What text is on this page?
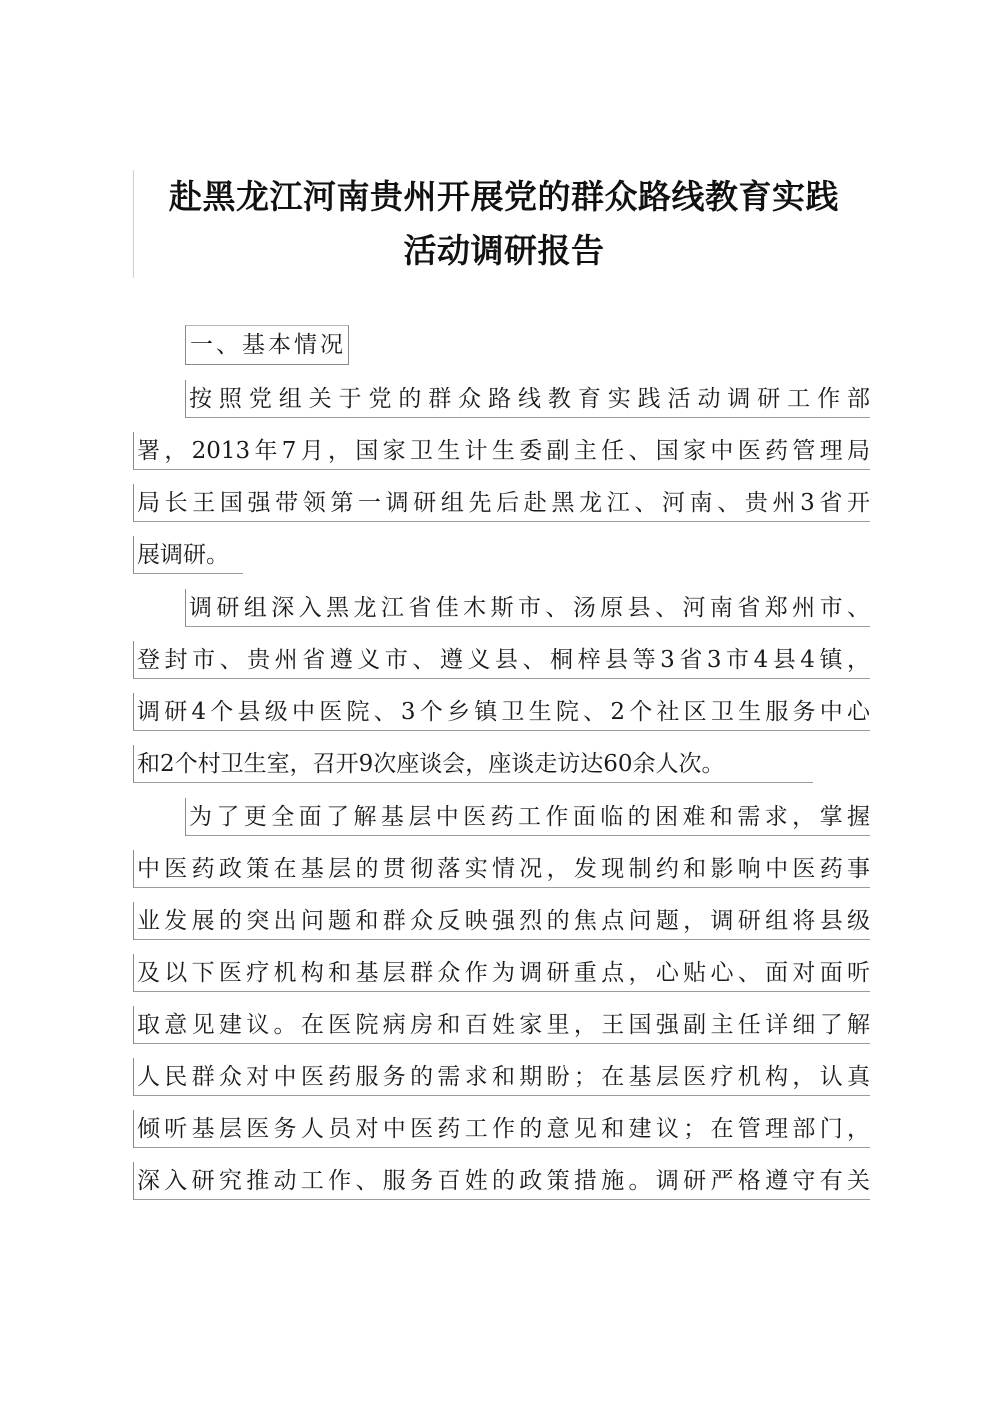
赴黑龙江河南贵州开展党的群众路线教育实践
活动调研报告
一、基本情况
按照党组关于党的群众路线教育实践活动调研工作部
署，2013年7月，国家卫生计生委副主任、国家中医药管理局
局长王国强带领第一调研组先后赴黑龙江、河南、贵州3省开
展调研。
调研组深入黑龙江省佳木斯市、汤原县、河南省郑州市、
登封市、贵州省遵义市、遵义县、桐梓县等3省3市4县4镇，
调研4个县级中医院、3个乡镇卫生院、2个社区卫生服务中心
和2个村卫生室，召开9次座谈会，座谈走访达60余人次。
为了更全面了解基层中医药工作面临的困难和需求，掌握
中医药政策在基层的贯彻落实情况，发现制约和影响中医药事
业发展的突出问题和群众反映强烈的焦点问题，调研组将县级
及以下医疗机构和基层群众作为调研重点，心贴心、面对面听
取意见建议。在医院病房和百姓家里，王国强副主任详细了解
人民群众对中医药服务的需求和期盼；在基层医疗机构，认真
倾听基层医务人员对中医药工作的意见和建议；在管理部门，
深入研究推动工作、服务百姓的政策措施。调研严格遵守有关
